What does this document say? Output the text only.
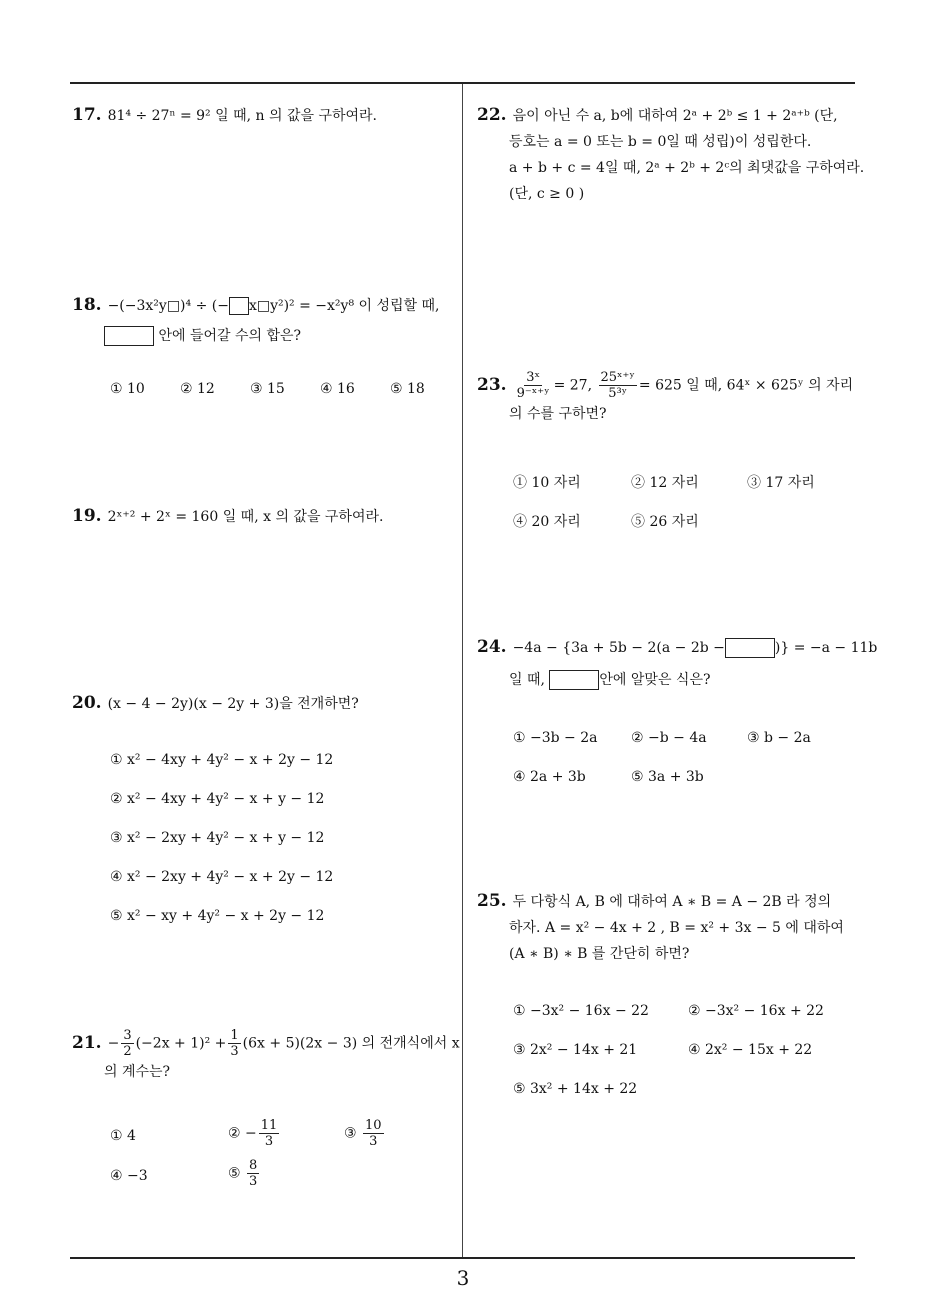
17. 81⁴ ÷ 27ⁿ = 9² 일 때, n 의 값을 구하여라.
18. −(−3x²y□)⁴ ÷ (− x□y²)² = −x²y⁸ 이 성립할 때,
안에 들어갈 수의 합은?
① 10	② 12	③ 15	④ 16	⑤ 18
19. 2ˣ⁺² + 2ˣ = 160 일 때, x 의 값을 구하여라.
20. (x − 4 − 2y)(x − 2y + 3)을 전개하면?
① x² − 4xy + 4y² − x + 2y − 12
② x² − 4xy + 4y² − x + y − 12
③ x² − 2xy + 4y² − x + y − 12
④ x² − 2xy + 4y² − x + 2y − 12
⑤ x² − xy + 4y² − x + 2y − 12
21. − $\frac{3}{2} (-2x + 1)^2 + \frac{1}{3} (6x + 5)(2x - 3)$ 의 전개식에서 x
의 계수는?
① 4	② − $\frac{11}{3}$	③ $\frac{10}{3}$
④ −3	⑤ $\frac{8}{3}$
22. 음이 아닌 수 a, b에 대하여 2ᵃ + 2ᵇ ≤ 1 + 2ᵃ⁺ᵇ (단,
등호는 a = 0 또는 b = 0일 때 성립)이 성립한다.
a + b + c = 4일 때, 2ᵃ + 2ᵇ + 2ᶜ의 최댓값을 구하여라.
(단, c ≥ 0 )
23. $\frac{\text{3ˣ}}{\text{9⁻ˣ⁺ʸ}} = 27$, $\frac{\text{25ˣ⁺ʸ}}{\text{5³ʸ}} = 625$ 일 때, 64ˣ × 625ʸ 의 자리
의 수를 구하면?
① 10 자리	② 12 자리	③ 17 자리
④ 20 자리	⑤ 26 자리
24. −4a − {3a + 5b − 2(a − 2b −	)} = −a − 11b
일 때,	안에 알맞은 식은?
① −3b − 2a ② −b − 4a	③ b − 2a
④ 2a + 3b	⑤ 3a + 3b
25. 두 다항식 A, B 에 대하여 A ∗ B = A − 2B 라 정의
하자. A = x² − 4x + 2 , B = x² + 3x − 5 에 대하여
(A ∗ B) ∗ B 를 간단히 하면?
① −3x² − 16x − 22	② −3x² − 16x + 22
③ 2x² − 14x + 21	④ 2x² − 15x + 22
⑤ 3x² + 14x + 22
3
